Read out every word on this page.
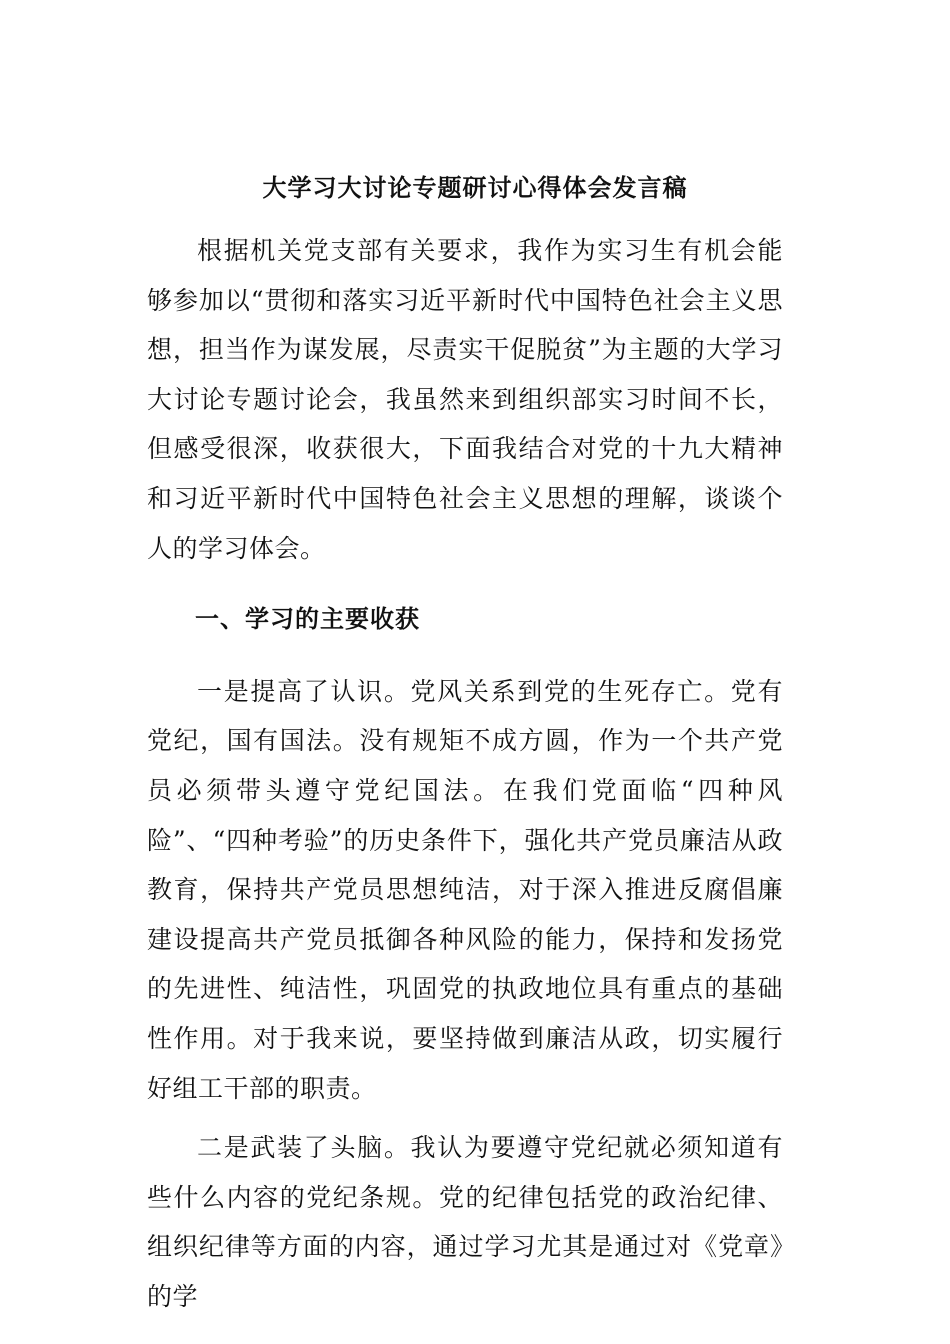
大学习大讨论专题研讨心得体会发言稿

根据机关党支部有关要求，我作为实习生有机会能够参加以“贯彻和落实习近平新时代中国特色社会主义思想，担当作为谋发展，尽责实干促脱贫”为主题的大学习大讨论专题讨论会，我虽然来到组织部实习时间不长，但感受很深，收获很大，下面我结合对党的十九大精神和习近平新时代中国特色社会主义思想的理解，谈谈个人的学习体会。

一、学习的主要收获

一是提高了认识。党风关系到党的生死存亡。党有党纪，国有国法。没有规矩不成方圆，作为一个共产党员必须带头遵守党纪国法。在我们党面临“四种风险”、“四种考验”的历史条件下，强化共产党员廉洁从政教育，保持共产党员思想纯洁，对于深入推进反腐倡廉建设提高共产党员抵御各种风险的能力，保持和发扬党的先进性、纯洁性，巩固党的执政地位具有重点的基础性作用。对于我来说，要坚持做到廉洁从政，切实履行好组工干部的职责。

二是武装了头脑。我认为要遵守党纪就必须知道有些什么内容的党纪条规。党的纪律包括党的政治纪律、组织纪律等方面的内容，通过学习尤其是通过对《党章》的学
